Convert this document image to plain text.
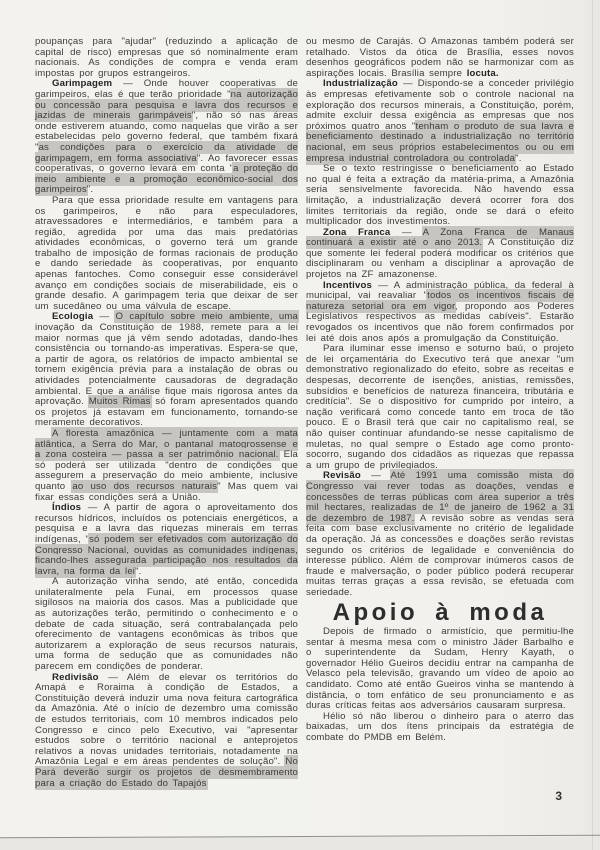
poupanças para "ajudar" (reduzindo a aplicação de capital de risco) empresas que só nominalmente eram nacionais. As condições de compra e venda eram impostas por grupos estrangeiros.

Garimpagem — Onde houver cooperativas de garimpeiros, elas é que terão prioridade "na autorização ou concessão para pesquisa e lavra dos recursos e jazidas de minerais garimpáveis", não só nas áreas onde estiverem atuando, como naquelas que virão a ser estabelecidas pelo governo federal, que também fixará "as condições para o exercício da atividade de garimpagem, em forma associativa". Ao favorecer essas cooperativas, o governo levará em conta "a proteção do meio ambiente e a promoção econômico-social dos garimpeiros".

Para que essa prioridade resulte em vantagens para os garimpeiros, e não para especuladores, atravessadores e intermediários, e também para a região, agredida por uma das mais predatórias atividades econômicas, o governo terá um grande trabalho de imposição de formas racionais de produção e dando seriedade às cooperativas, por enquanto apenas fantoches. Como conseguir esse considerável avanço em condições sociais de miserabilidade, eis o grande desafio. A garimpagem teria que deixar de ser um sucedâneo ou uma válvula de escape.

Ecologia — O capítulo sobre meio ambiente, uma inovação da Constituição de 1988, remete para a lei maior normas que já vêm sendo adotadas, dando-lhes consistência ou tornando-as imperativas. Espera-se que, a partir de agora, os relatórios de impacto ambiental se tornem exigência prévia para a instalação de obras ou atividades potencialmente causadoras de degradação ambiental. E que a análise fique mais rigorosa antes da aprovação. Muitos Rimas só foram apresentados quando os projetos já estavam em funcionamento, tornando-se meramente decorativos.

A floresta amazônica — juntamente com a mata atlântica, a Serra do Mar, o pantanal matogrossense e a zona costeira — passa a ser patrimônio nacional. Ela só poderá ser utilizada "dentro de condições que assegurem a preservação do meio ambiente, inclusive quanto ao uso dos recursos naturais" Mas quem vai fixar essas condições será a União.

Índios — A partir de agora o aproveitamento dos recursos hídricos, incluídos os potenciais energéticos, a pesquisa e a lavra das riquezas minerais em terras indígenas, "só podem ser efetivados com autorização do Congresso Nacional, ouvidas as comunidades indígenas, ficando-lhes assegurada participação nos resultados da lavra, na forma da lei".

A autorização vinha sendo, até então, concedida unilateralmente pela Funai, em processos quase sigilosos na maioria dos casos. Mas a publicidade que as autorizações terão, permitindo o conhecimento e o debate de cada situação, será contrabalançada pelo oferecimento de vantagens econômicas às tribos que autorizarem a exploração de seus recursos naturais, uma forma de sedução que as comunidades não parecem em condições de ponderar.

Redivisão — Além de elevar os territórios do Amapá e Roraima à condição de Estados, a Constituição deverá induzir uma nova feitura cartográfica da Amazônia. Até o início de dezembro uma comissão de estudos territoriais, com 10 membros indicados pelo Congresso e cinco pelo Executivo, vai "apresentar estudos sobre o território nacional e anteprojetos relativos a novas unidades territoriais, notadamente na Amazônia Legal e em áreas pendentes de solução". No Pará deverão surgir os projetos de desmembramento para a criação do Estado do Tapajós

ou mesmo de Carajás. O Amazonas também poderá ser retalhado. Vistos da ótica de Brasília, esses novos desenhos geográficos podem não se harmonizar com as aspirações locais. Brasília sempre locuta.

Industrialização — Dispondo-se a conceder privilégio às empresas efetivamente sob o controle nacional na exploração dos recursos minerais, a Constituição, porém, admite excluir dessa exigência as empresas que nos próximos quatro anos "tenham o produto de sua lavra e beneficiamento destinado a industrialização no território nacional, em seus próprios estabelecimentos ou ou em empresa industrial controladora ou controlada".

Se o texto restringisse o beneficiamento ao Estado no qual é feita a extração da matéria-prima, a Amazônia seria sensivelmente favorecida. Não havendo essa limitação, a industrialização deverá ocorrer fora dos limites territoriais da região, onde se dará o efeito multiplicador dos investimentos.

Zona Franca — A Zona Franca de Manaus continuará a existir até o ano 2013. A Constituição diz que somente lei federal poderá modificar os critérios que disciplinaram ou venham a disciplinar a aprovação de projetos na ZF amazonense.

Incentivos — A administração pública, da federal à municipal, vai reavaliar "todos os incentivos fiscais de natureza setorial ora em vigor, propondo aos Poderes Legislativos respectivos as medidas cabíveis". Estarão revogados os incentivos que não forem confirmados por lei até dois anos após a promulgação da Constituição.

Para iluminar esse imenso e soturno baú, o projeto de lei orçamentária do Executivo terá que anexar "um demonstrativo regionalizado do efeito, sobre as receitas e despesas, decorrente de isenções, anistias, remissões, subsídios e benefícios de natureza financeira, tributária e creditícia". Se o dispositivo for cumprido por inteiro, a nação verificará como concede tanto em troca de tão pouco. E o Brasil terá que cair no capitalismo real, se não quiser continuar afundando-se nesse capitalismo de muletas, no qual sempre o Estado age como pronto-socorro, sugando dos cidadãos as riquezas que repassa a um grupo de privilegiados.

Revisão — Até 1991 uma comissão mista do Congresso vai rever todas as doações, vendas e concessões de terras públicas com área superior a três mil hectares, realizadas de 1º de janeiro de 1962 a 31 de dezembro de 1987. A revisão sobre as vendas será feita com base exclusivamente no critério de legalidade da operação. Já as concessões e doações serão revistas segundo os critérios de legalidade e conveniência do interesse público. Além de comprovar inúmeros casos de fraude e malversação, o poder público poderá recuperar muitas terras graças a essa revisão, se efetuada com seriedade.

Apoio à moda

Depois de firmado o armistício, que permitiu-lhe sentar à mesma mesa com o ministro Jáder Barbalho e o superintendente da Sudam, Henry Kayath, o governador Hélio Gueiros decidiu entrar na campanha de Velasco pela televisão, gravando um vídeo de apoio ao candidato. Como até então Gueiros vinha se mantendo à distância, o tom enfático de seu pronunciamento e as duras críticas feitas aos adversários causaram surpresa.

Hélio só não liberou o dinheiro para o aterro das baixadas, um dos ítens principais da estratégia de combate do PMDB em Belém.

3
